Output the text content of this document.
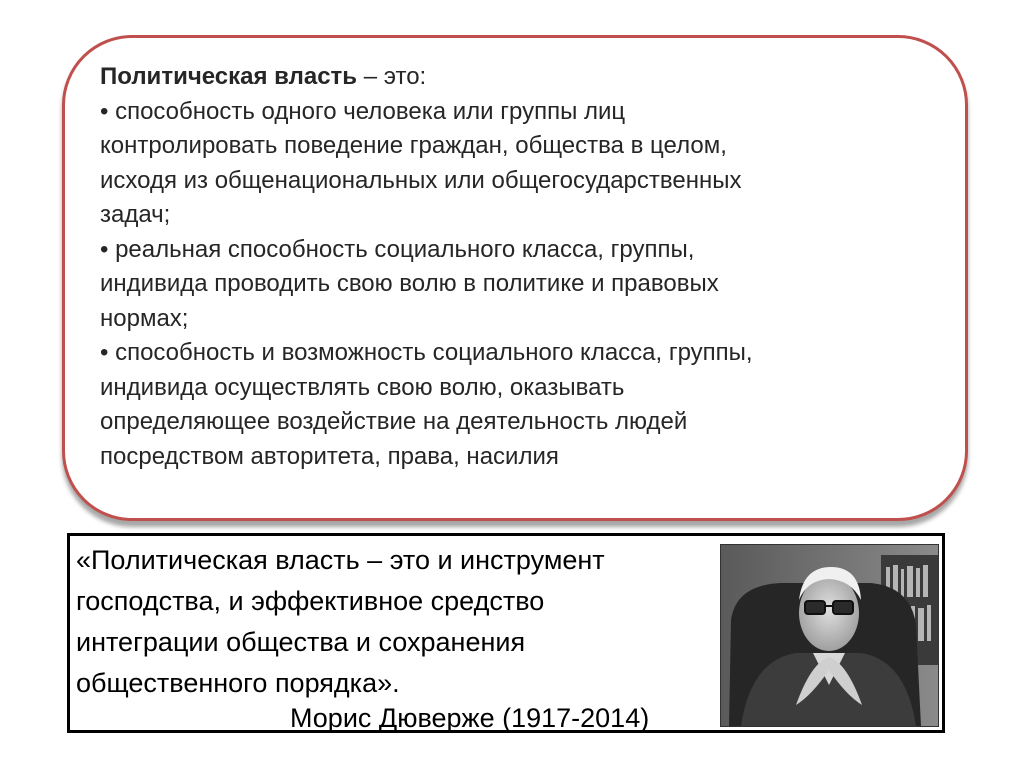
Политическая власть – это:
• способность одного человека или группы лиц
контролировать поведение граждан, общества в целом,
исходя из общенациональных или общегосударственных
задач;
• реальная способность социального класса, группы,
индивида проводить свою волю в политике и правовых
нормах;
• способность и возможность социального класса, группы,
индивида осуществлять свою волю, оказывать
определяющее воздействие на деятельность людей
посредством авторитета, права, насилия
«Политическая власть – это и инструмент
господства, и эффективное средство
интеграции общества и сохранения
общественного порядка».
Морис Дюверже (1917-2014)
